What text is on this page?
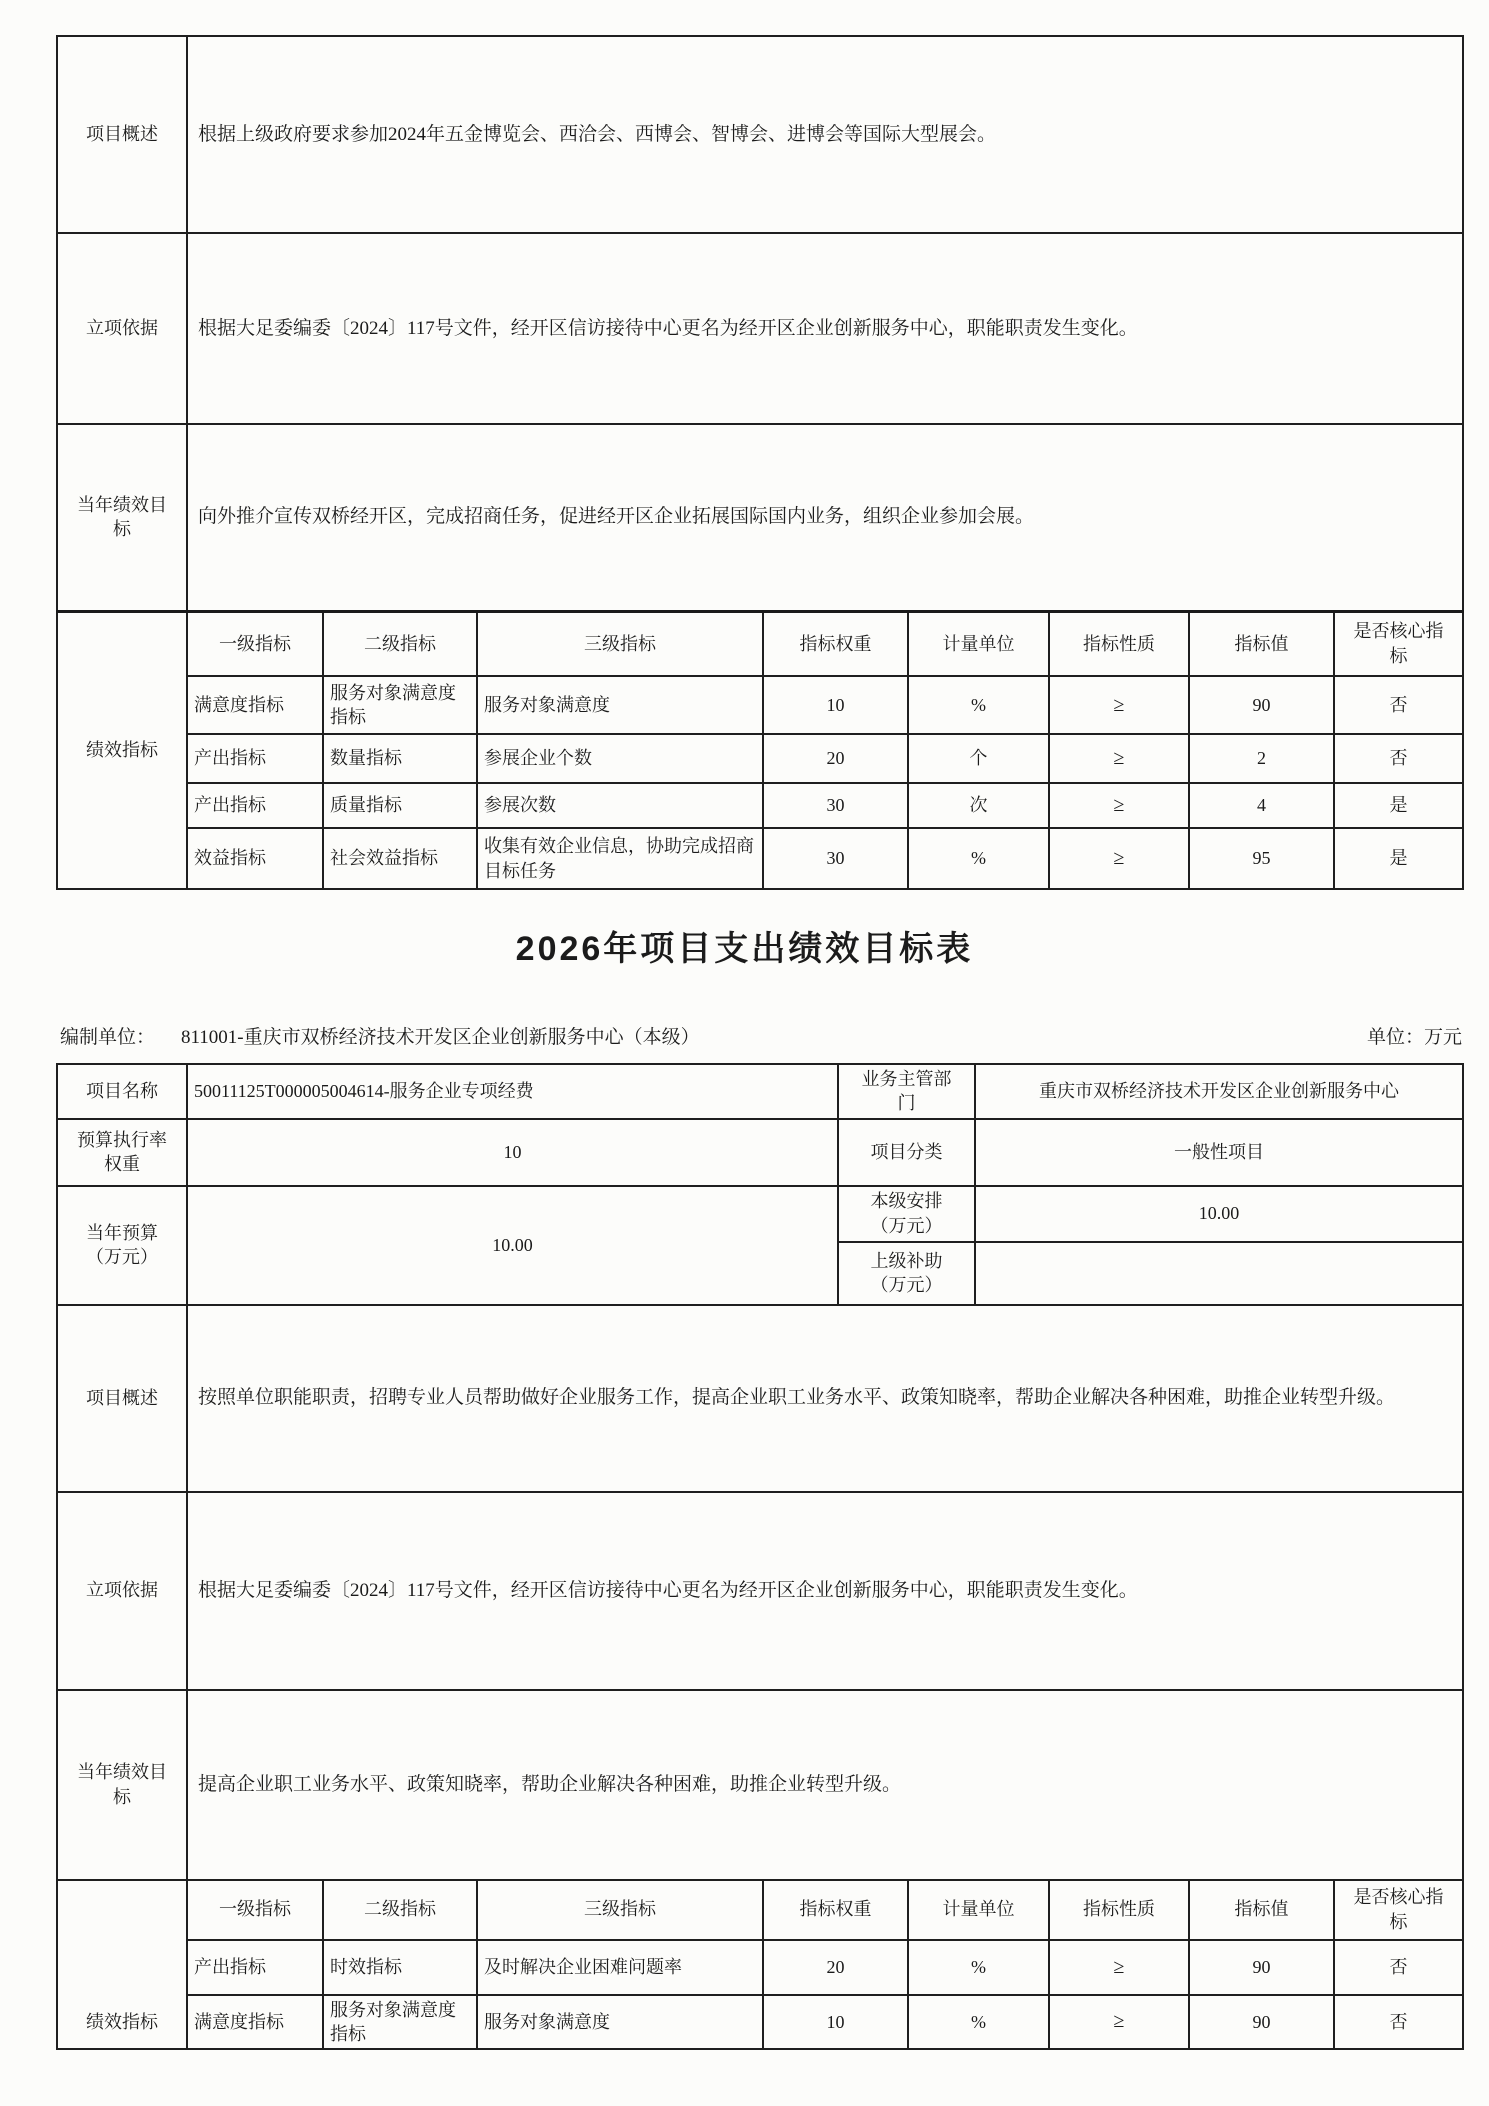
项目概述	根据上级政府要求参加2024年五金博览会、西洽会、西博会、智博会、进博会等国际大型展会。							
立项依据	根据大足委编委〔2024〕117号文件，经开区信访接待中心更名为经开区企业创新服务中心，职能职责发生变化。							
当年绩效目标	向外推介宣传双桥经开区，完成招商任务，促进经开区企业拓展国际国内业务，组织企业参加会展。							
绩效指标	一级指标	二级指标	三级指标	指标权重	计量单位	指标性质	指标值	是否核心指标
	满意度指标	服务对象满意度指标	服务对象满意度	10	%	≥	90	否
	产出指标	数量指标	参展企业个数	20	个	≥	2	否
	产出指标	质量指标	参展次数	30	次	≥	4	是
	效益指标	社会效益指标	收集有效企业信息，协助完成招商目标任务	30	%	≥	95	是
2026年项目支出绩效目标表
编制单位： 811001-重庆市双桥经济技术开发区企业创新服务中心（本级）	单位：万元
项目名称	50011125T000005004614-服务企业专项经费				业务主管部门		重庆市双桥经济技术开发区企业创新服务中心			
预算执行率权重	10				项目分类		一般性项目			
当年预算（万元）	10.00				本级安排（万元）		10.00			
					上级补助（万元）					
项目概述	按照单位职能职责，招聘专业人员帮助做好企业服务工作，提高企业职工业务水平、政策知晓率，帮助企业解决各种困难，助推企业转型升级。									
立项依据	根据大足委编委〔2024〕117号文件，经开区信访接待中心更名为经开区企业创新服务中心，职能职责发生变化。									
当年绩效目标	提高企业职工业务水平、政策知晓率，帮助企业解决各种困难，助推企业转型升级。									
绩效指标	一级指标	二级指标	三级指标	指标权重		计量单位		指标性质	指标值	是否核心指标
	产出指标	时效指标	及时解决企业困难问题率	20		%		≥	90	否
	满意度指标	服务对象满意度指标	服务对象满意度	10		%		≥	90	否
